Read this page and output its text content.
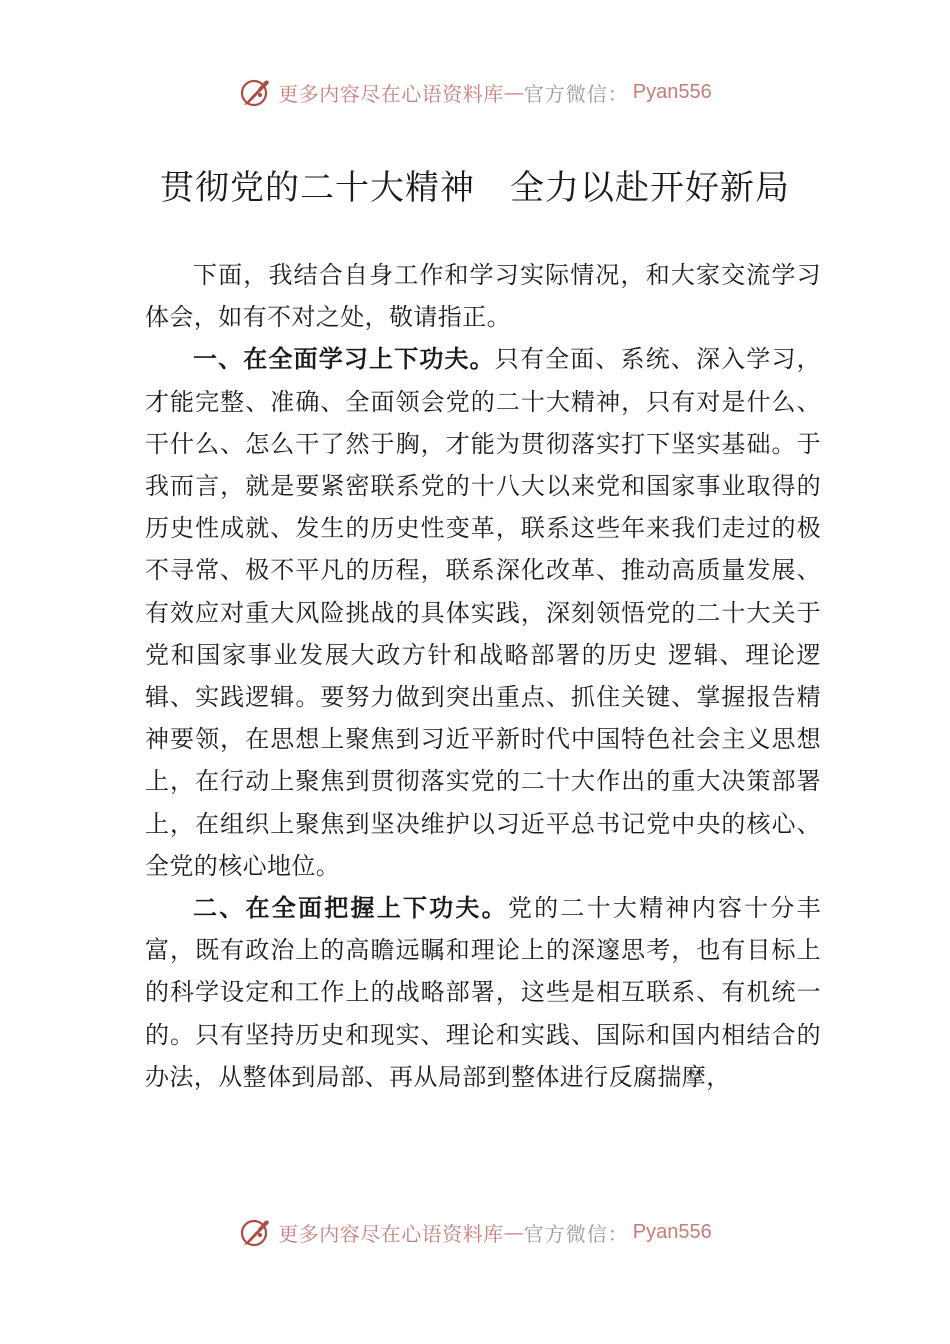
更多内容尽在心语资料库 — 官方微信： Pyan556
贯彻党的二十大精神　全力以赴开好新局

下面，我结合自身工作和学习实际情况，和大家交流学习体会，如有不对之处，敬请指正。

一、在全面学习上下功夫。只有全面、系统、深入学习，才能完整、准确、全面领会党的二十大精神，只有对是什么、干什么、怎么干了然于胸，才能为贯彻落实打下坚实基础。于我而言，就是要紧密联系党的十八大以来党和国家事业取得的历史性成就、发生的历史性变革，联系这些年来我们走过的极不寻常、极不平凡的历程，联系深化改革、推动高质量发展、有效应对重大风险挑战的具体实践，深刻领悟党的二十大关于党和国家事业发展大政方针和战略部署的历史 逻辑、理论逻辑、实践逻辑。要努力做到突出重点、抓住关键、掌握报告精神要领，在思想上聚焦到习近平新时代中国特色社会主义思想上，在行动上聚焦到贯彻落实党的二十大作出的重大决策部署上，在组织上聚焦到坚决维护以习近平总书记党中央的核心、全党的核心地位。

二、在全面把握上下功夫。党的二十大精神内容十分丰富，既有政治上的高瞻远瞩和理论上的深邃思考，也有目标上的科学设定和工作上的战略部署，这些是相互联系、有机统一的。只有坚持历史和现实、理论和实践、国际和国内相结合的办法，从整体到局部、再从局部到整体进行反腐揣摩，

更多内容尽在心语资料库 — 官方微信： Pyan556
